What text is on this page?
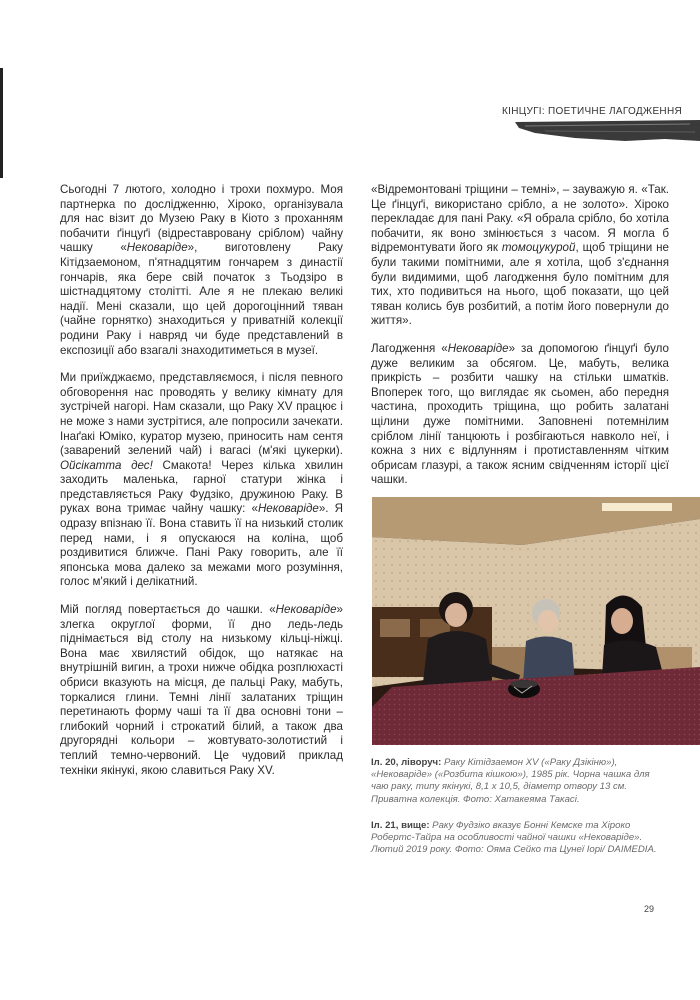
КІНЦУГІ: ПОЕТИЧНЕ ЛАГОДЖЕННЯ

Сьогодні 7 лютого, холодно і трохи похмуро. Моя партнерка по дослідженню, Хіроко, організувала для нас візит до Музею Раку в Кіото з проханням побачити ґінцуґі (відреставровану сріблом) чайну чашку «Нековаріде», виготовлену Раку Кітідзаемоном, п'ятнадцятим гончарем з династії гончарів, яка бере свій початок з Тьодзіро в шістнадцятому столітті. Але я не плекаю великі надії. Мені сказали, що цей дорогоцінний тяван (чайне горнятко) знаходиться у приватній колекції родини Раку і навряд чи буде представлений в експозиції або взагалі знаходитиметься в музеї.

Ми приїжджаємо, представляємося, і після певного обговорення нас проводять у велику кімнату для зустрічей нагорі. Нам сказали, що Раку XV працює і не може з нами зустрітися, але попросили зачекати. Інаґакі Юміко, куратор музею, приносить нам сентя (заварений зелений чай) і вагасі (м'які цукерки). Ойсікатта дес! Смакота! Через кілька хвилин заходить маленька, гарної статури жінка і представляється Раку Фудзіко, дружиною Раку. В руках вона тримає чайну чашку: «Нековаріде». Я одразу впізнаю її. Вона ставить її на низький столик перед нами, і я опускаюся на коліна, щоб роздивитися ближче. Пані Раку говорить, але її японська мова далеко за межами мого розуміння, голос м'який і делікатний.

Мій погляд повертається до чашки. «Нековаріде» злегка округлої форми, її дно ледь-ледь піднімається від столу на низькому кільці-ніжці. Вона має хвилястий обідок, що натякає на внутрішній вигин, а трохи нижче обідка розплюхасті обриси вказують на місця, де пальці Раку, мабуть, торкалися глини. Темні лінії залатаних тріщин перетинають форму чаші та її два основні тони – глибокий чорний і строкатий білий, а також два другорядні кольори – жовтувато-золотистий і теплий темно-червоний. Це чудовий приклад техніки якінукі, якою славиться Раку XV.

«Відремонтовані тріщини – темні», – зауважую я. «Так. Це ґінцуґі, використано срібло, а не золото». Хіроко перекладає для пані Раку. «Я обрала срібло, бо хотіла побачити, як воно змінюється з часом. Я могла б відремонтувати його як томоцукурой, щоб тріщини не були такими помітними, але я хотіла, щоб з'єднання були видимими, щоб лагодження було помітним для тих, хто подивиться на нього, щоб показати, що цей тяван колись був розбитий, а потім його повернули до життя».

Лагодження «Нековаріде» за допомогою ґінцуґі було дуже великим за обсягом. Це, мабуть, велика прикрість – розбити чашку на стільки шматків. Впоперек того, що виглядає як сьомен, або передня частина, проходить тріщина, що робить залатані щілини дуже помітними. Заповнені потемнілим сріблом лінії танцюють і розбігаються навколо неї, і кожна з них є відлунням і протиставленням чітким обрисам глазурі, а також ясним свідченням історії цієї чашки.

Іл. 20, ліворуч: Раку Кітідзаемон XV («Раку Дзікіню»), «Нековаріде» («Розбита кішкою»), 1985 рік. Чорна чашка для чаю раку, типу якінукі, 8,1 x 10,5, діаметр отвору 13 см. Приватна колекція. Фото: Хатакеяма Такасі.
Іл. 21, вище: Раку Фудзіко вказує Бонні Кемске та Хіроко Робертс-Тайра на особливості чайної чашки «Нековаріде». Лютий 2019 року. Фото: Ояма Сейко та Цунеї Іорі/ DAIMEDIA.
29
